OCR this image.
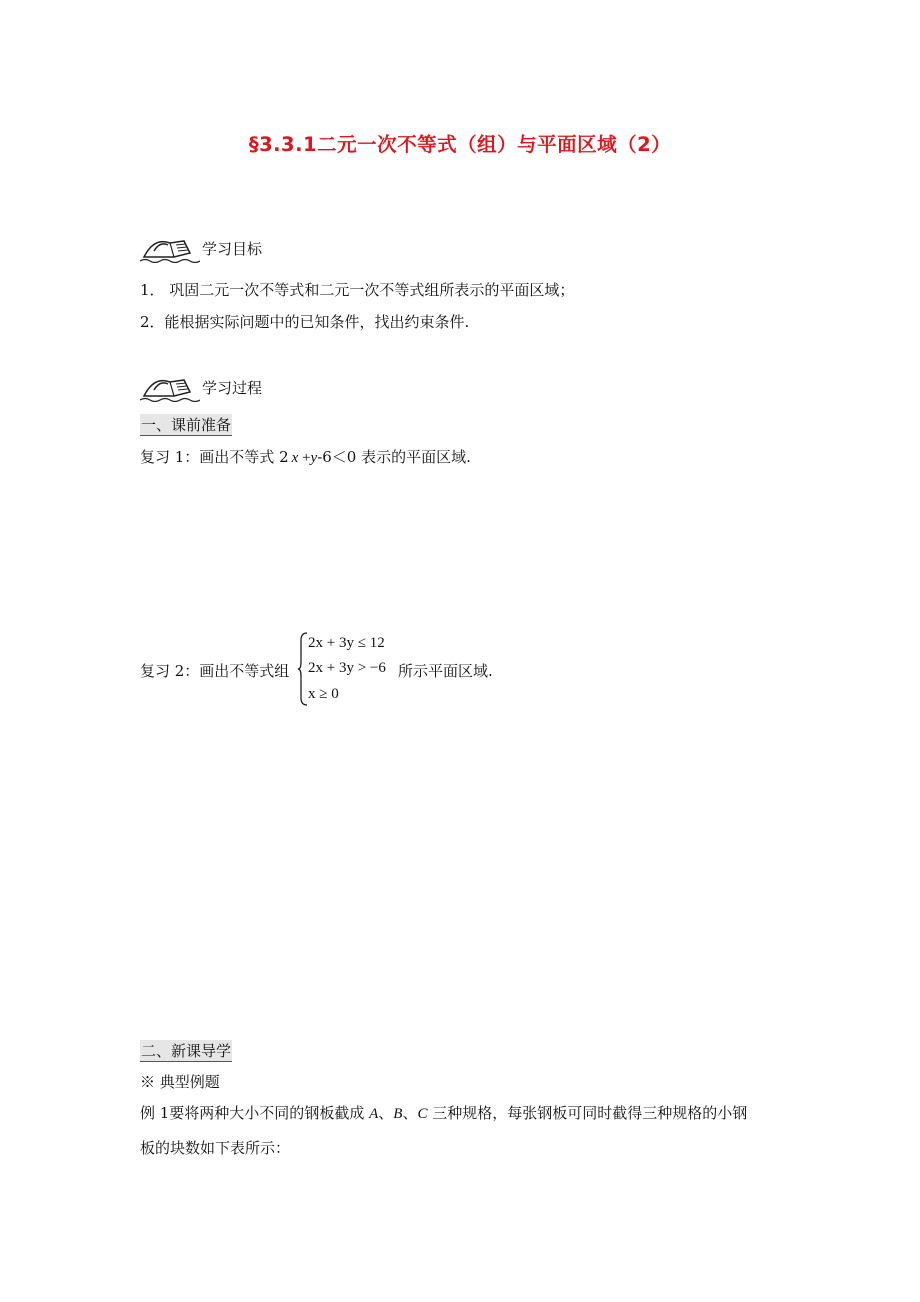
§3.3.1二元一次不等式（组）与平面区域（2）
学习目标
1． 巩固二元一次不等式和二元一次不等式组所表示的平面区域；
2．能根据实际问题中的已知条件，找出约束条件.
学习过程
一、课前准备
复习 1：画出不等式 2 x +y-6＜0 表示的平面区域.
复习 2：画出不等式组
2x + 3y ≤ 12
2x + 3y > −6
x ≥ 0
所示平面区域.
二、新课导学
※ 典型例题
例 1要将两种大小不同的钢板截成 A、B、C 三种规格，每张钢板可同时截得三种规格的小钢
板的块数如下表所示：
